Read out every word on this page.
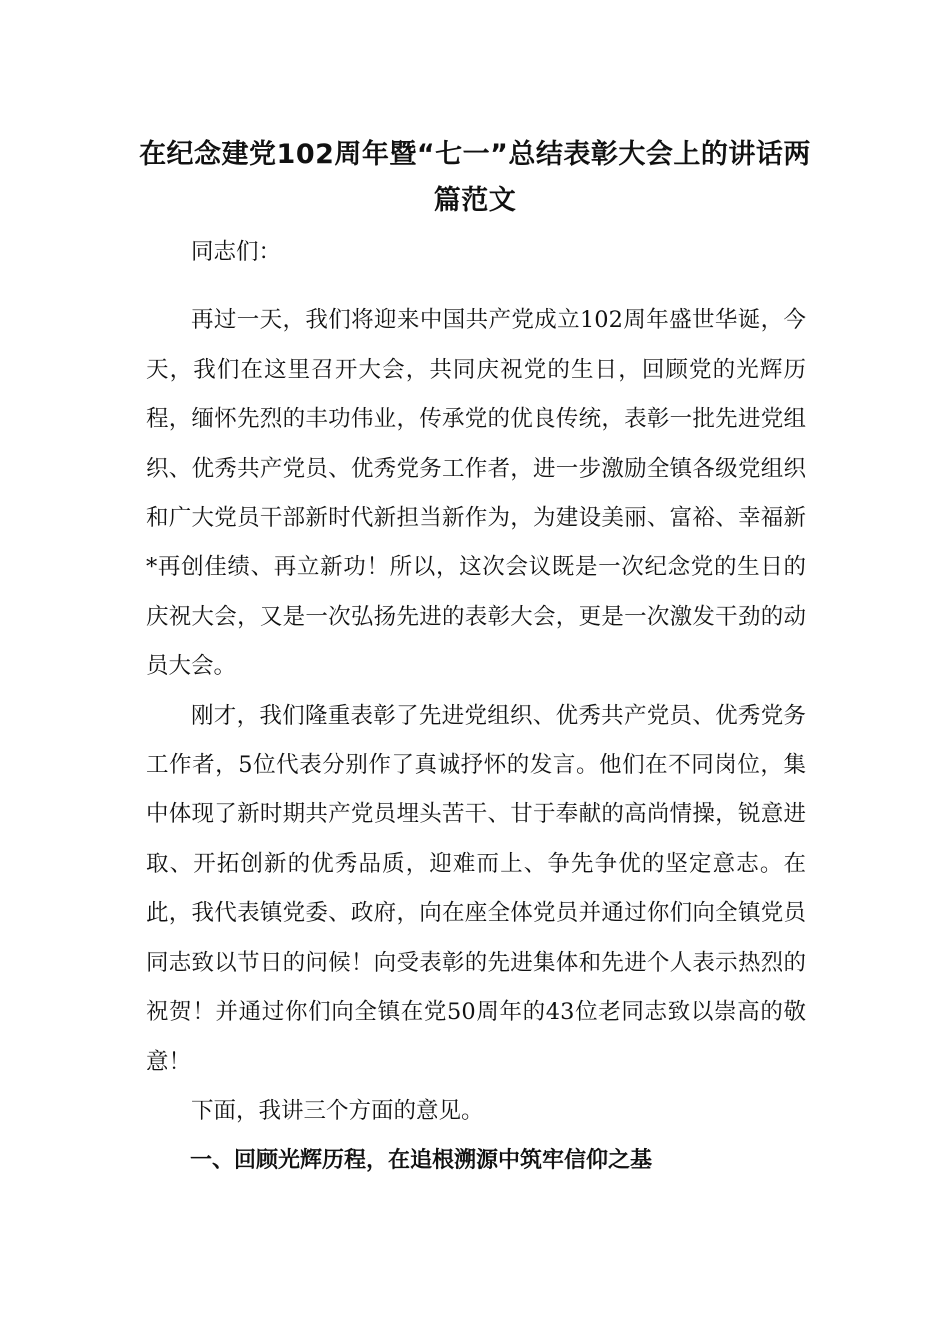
在纪念建党102周年暨“七一”总结表彰大会上的讲话两篇范文

同志们：

再过一天，我们将迎来中国共产党成立102周年盛世华诞，今天，我们在这里召开大会，共同庆祝党的生日，回顾党的光辉历程，缅怀先烈的丰功伟业，传承党的优良传统，表彰一批先进党组织、优秀共产党员、优秀党务工作者，进一步激励全镇各级党组织和广大党员干部新时代新担当新作为，为建设美丽、富裕、幸福新*再创佳绩、再立新功！所以，这次会议既是一次纪念党的生日的庆祝大会，又是一次弘扬先进的表彰大会，更是一次激发干劲的动员大会。

刚才，我们隆重表彰了先进党组织、优秀共产党员、优秀党务工作者，5位代表分别作了真诚抒怀的发言。他们在不同岗位，集中体现了新时期共产党员埋头苦干、甘于奉献的高尚情操，锐意进取、开拓创新的优秀品质，迎难而上、争先争优的坚定意志。在此，我代表镇党委、政府，向在座全体党员并通过你们向全镇党员同志致以节日的问候！向受表彰的先进集体和先进个人表示热烈的祝贺！并通过你们向全镇在党50周年的43位老同志致以崇高的敬意！

下面，我讲三个方面的意见。

一、回顾光辉历程，在追根溯源中筑牢信仰之基
